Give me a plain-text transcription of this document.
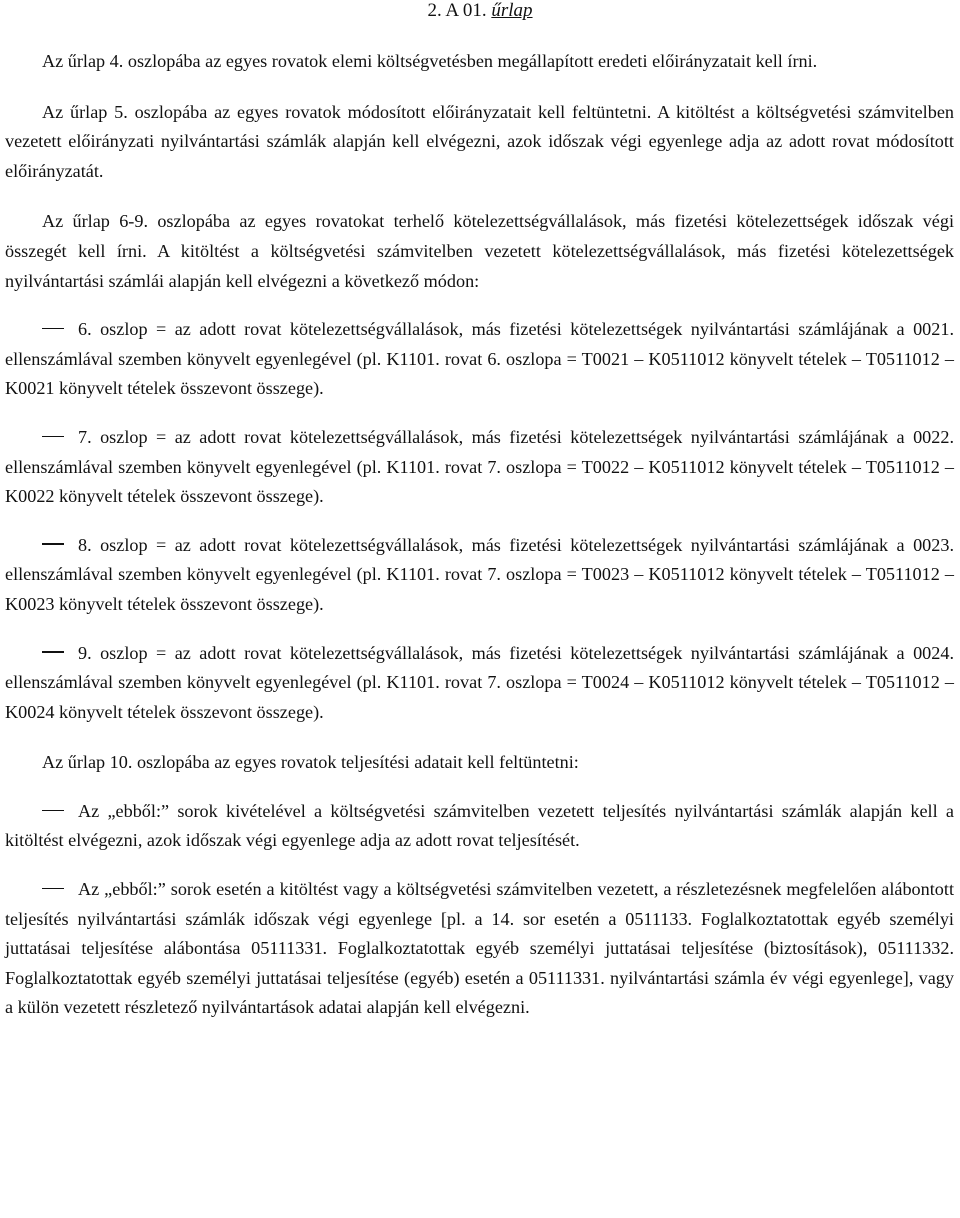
2. A 01. űrlap

Az űrlap 4. oszlopába az egyes rovatok elemi költségvetésben megállapított eredeti előirányzatait kell írni.

Az űrlap 5. oszlopába az egyes rovatok módosított előirányzatait kell feltüntetni. A kitöltést a költségvetési számvitelben vezetett előirányzati nyilvántartási számlák alapján kell elvégezni, azok időszak végi egyenlege adja az adott rovat módosított előirányzatát.

Az űrlap 6-9. oszlopába az egyes rovatokat terhelő kötelezettségvállalások, más fizetési kötelezettségek időszak végi összegét kell írni. A kitöltést a költségvetési számvitelben vezetett kötelezettségvállalások, más fizetési kötelezettségek nyilvántartási számlái alapján kell elvégezni a következő módon:

6. oszlop = az adott rovat kötelezettségvállalások, más fizetési kötelezettségek nyilvántartási számlájának a 0021. ellenszámlával szemben könyvelt egyenlegével (pl. K1101. rovat 6. oszlopa = T0021 – K0511012 könyvelt tételek – T0511012 – K0021 könyvelt tételek összevont összege).

7. oszlop = az adott rovat kötelezettségvállalások, más fizetési kötelezettségek nyilvántartási számlájának a 0022. ellenszámlával szemben könyvelt egyenlegével (pl. K1101. rovat 7. oszlopa = T0022 – K0511012 könyvelt tételek – T0511012 – K0022 könyvelt tételek összevont összege).

8. oszlop = az adott rovat kötelezettségvállalások, más fizetési kötelezettségek nyilvántartási számlájának a 0023. ellenszámlával szemben könyvelt egyenlegével (pl. K1101. rovat 7. oszlopa = T0023 – K0511012 könyvelt tételek – T0511012 – K0023 könyvelt tételek összevont összege).

9. oszlop = az adott rovat kötelezettségvállalások, más fizetési kötelezettségek nyilvántartási számlájának a 0024. ellenszámlával szemben könyvelt egyenlegével (pl. K1101. rovat 7. oszlopa = T0024 – K0511012 könyvelt tételek – T0511012 – K0024 könyvelt tételek összevont összege).

Az űrlap 10. oszlopába az egyes rovatok teljesítési adatait kell feltüntetni:

Az „ebből:” sorok kivételével a költségvetési számvitelben vezetett teljesítés nyilvántartási számlák alapján kell a kitöltést elvégezni, azok időszak végi egyenlege adja az adott rovat teljesítését.

Az „ebből:” sorok esetén a kitöltést vagy a költségvetési számvitelben vezetett, a részletezésnek megfelelően alábontott teljesítés nyilvántartási számlák időszak végi egyenlege [pl. a 14. sor esetén a 0511133. Foglalkoztatottak egyéb személyi juttatásai teljesítése alábontása 05111331. Foglalkoztatottak egyéb személyi juttatásai teljesítése (biztosítások), 05111332. Foglalkoztatottak egyéb személyi juttatásai teljesítése (egyéb) esetén a 05111331. nyilvántartási számla év végi egyenlege], vagy a külön vezetett részletező nyilvántartások adatai alapján kell elvégezni.
